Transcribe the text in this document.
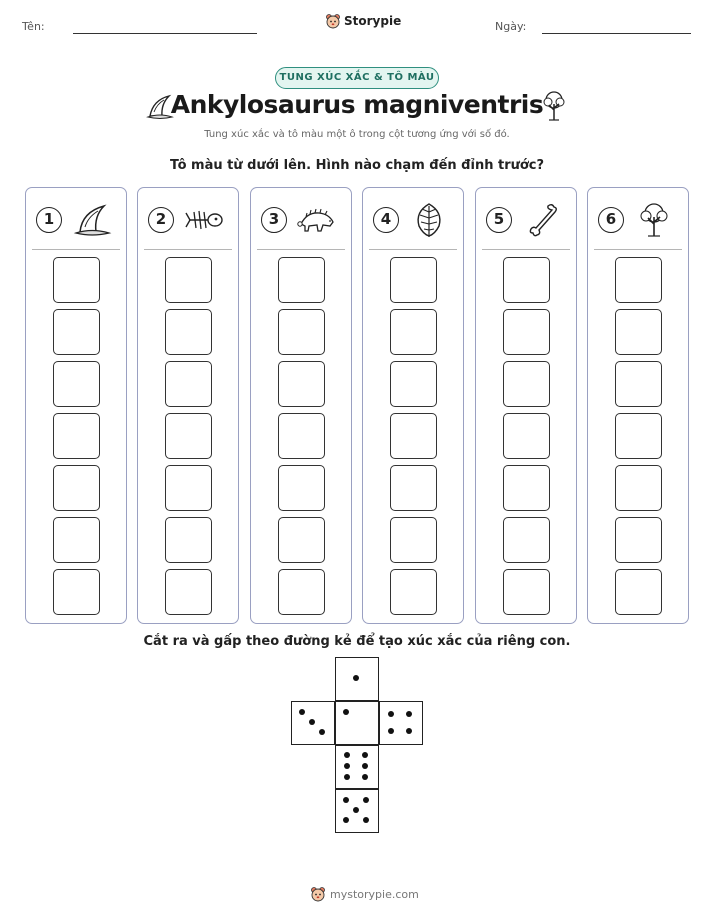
Tên:	Storypie	Ngày:
TUNG XÚC XẮC & TÔ MÀU
Ankylosaurus magniventris
Tung xúc xắc và tô màu một ô trong cột tương ứng với số đó.
Tô màu từ dưới lên. Hình nào chạm đến đỉnh trước?
1	2	3	4	5	6
Cắt ra và gấp theo đường kẻ để tạo xúc xắc của riêng con.
mystorypie.com
